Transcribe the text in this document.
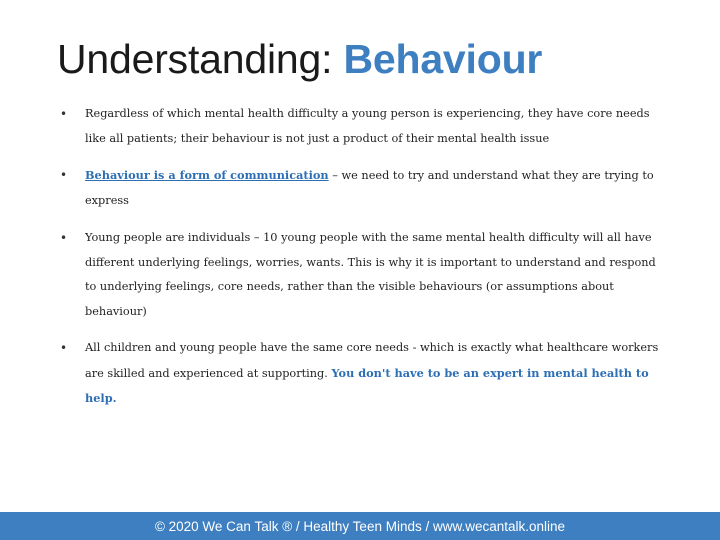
Understanding: Behaviour
• Regardless of which mental health difficulty a young person is experiencing, they have core needs like all patients; their behaviour is not just a product of their mental health issue
• Behaviour is a form of communication – we need to try and understand what they are trying to express
• Young people are individuals – 10 young people with the same mental health difficulty will all have different underlying feelings, worries, wants. This is why it is important to understand and respond to underlying feelings, core needs, rather than the visible behaviours (or assumptions about behaviour)
• All children and young people have the same core needs - which is exactly what healthcare workers are skilled and experienced at supporting. You don't have to be an expert in mental health to help.
© 2020 We Can Talk ® / Healthy Teen Minds / www.wecantalk.online
